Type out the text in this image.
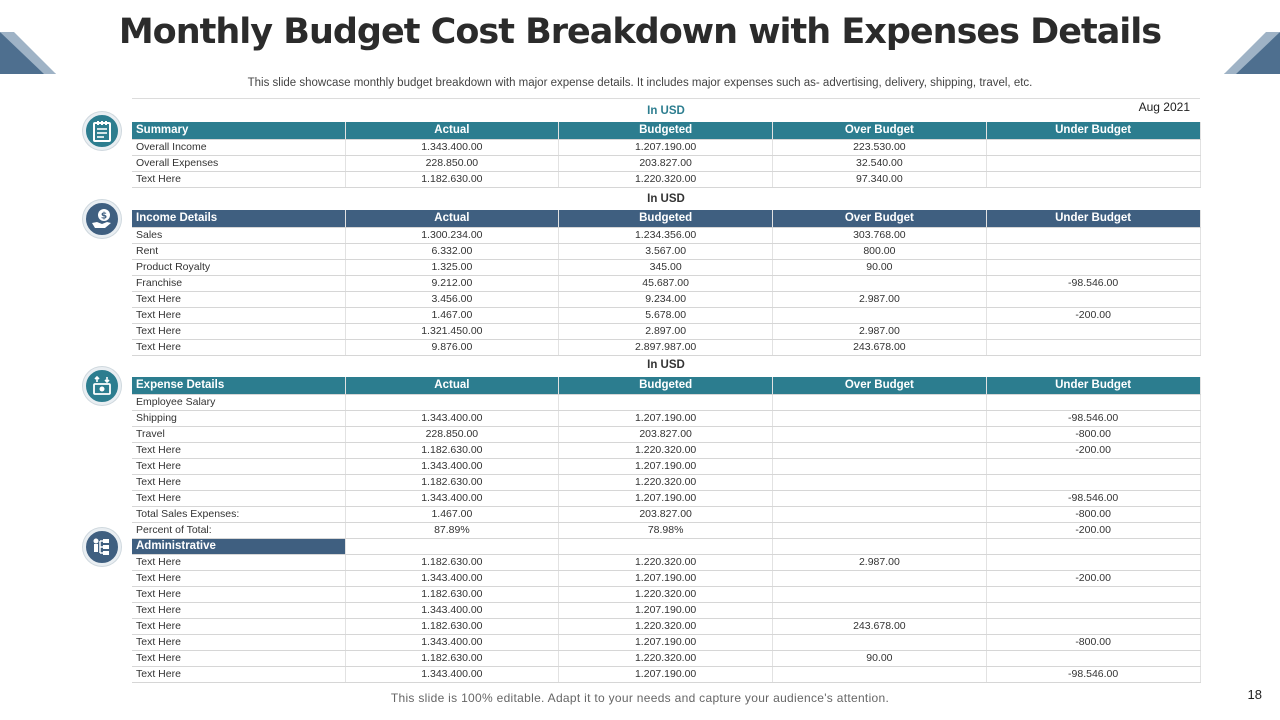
Monthly Budget Cost Breakdown with Expenses Details
This slide showcase monthly budget breakdown with major expense details. It includes major expenses such as- advertising, delivery, shipping, travel, etc.
Aug 2021
In USD
In USD
In USD
$
Summary	Actual	Budgeted	Over Budget	Under Budget
Overall Income	1.343.400.00	1.207.190.00	223.530.00	
Overall Expenses	228.850.00	203.827.00	32.540.00	
Text Here	1.182.630.00	1.220.320.00	97.340.00	
Income Details	Actual	Budgeted	Over Budget	Under Budget
Sales	1.300.234.00	1.234.356.00	303.768.00	
Rent	6.332.00	3.567.00	800.00	
Product Royalty	1.325.00	345.00	90.00	
Franchise	9.212.00	45.687.00		-98.546.00
Text Here	3.456.00	9.234.00	2.987.00	
Text Here	1.467.00	5.678.00		-200.00
Text Here	1.321.450.00	2.897.00	2.987.00	
Text Here	9.876.00	2.897.987.00	243.678.00	
Expense Details	Actual	Budgeted	Over Budget	Under Budget
Employee Salary				
Shipping	1.343.400.00	1.207.190.00		-98.546.00
Travel	228.850.00	203.827.00		-800.00
Text Here	1.182.630.00	1.220.320.00		-200.00
Text Here	1.343.400.00	1.207.190.00		
Text Here	1.182.630.00	1.220.320.00		
Text Here	1.343.400.00	1.207.190.00		-98.546.00
Total Sales Expenses:	1.467.00	203.827.00		-800.00
Percent of Total:	87.89%	78.98%		-200.00
Administrative				
Text Here	1.182.630.00	1.220.320.00	2.987.00	
Text Here	1.343.400.00	1.207.190.00		-200.00
Text Here	1.182.630.00	1.220.320.00		
Text Here	1.343.400.00	1.207.190.00		
Text Here	1.182.630.00	1.220.320.00	243.678.00	
Text Here	1.343.400.00	1.207.190.00		-800.00
Text Here	1.182.630.00	1.220.320.00	90.00	
Text Here	1.343.400.00	1.207.190.00		-98.546.00
This slide is 100% editable. Adapt it to your needs and capture your audience's attention.	18
